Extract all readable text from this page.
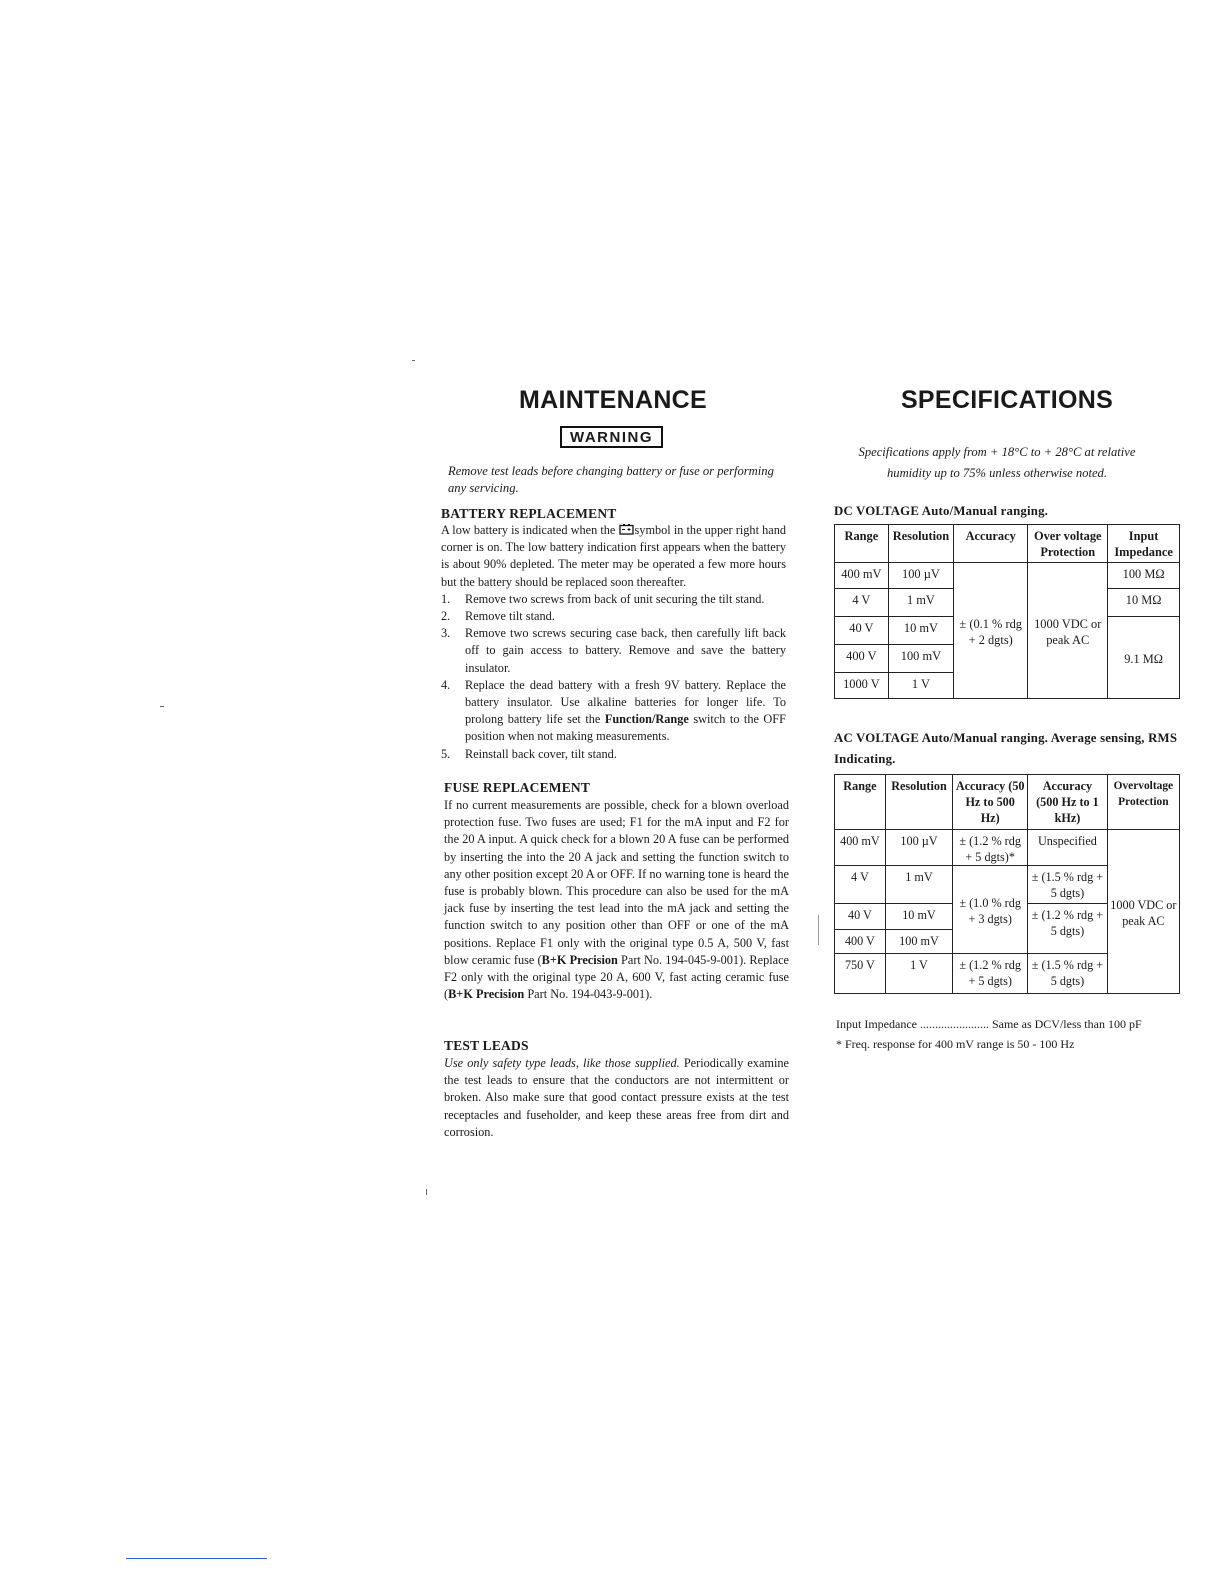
MAINTENANCE
WARNING
Remove test leads before changing battery or fuse or performing any servicing.
BATTERY REPLACEMENT

A low battery is indicated when the symbol in the upper right hand corner is on. The low battery indication first appears when the battery is about 90% depleted. The meter may be operated a few more hours but the battery should be replaced soon thereafter.

1. Remove two screws from back of unit securing the tilt stand.
2. Remove tilt stand.
3. Remove two screws securing case back, then carefully lift back off to gain access to battery. Remove and save the battery insulator.
4. Replace the dead battery with a fresh 9V battery. Replace the battery insulator. Use alkaline batteries for longer life. To prolong battery life set the Function/Range switch to the OFF position when not making measurements.
5. Reinstall back cover, tilt stand.
FUSE REPLACEMENT

If no current measurements are possible, check for a blown overload protection fuse. Two fuses are used; F1 for the mA input and F2 for the 20 A input. A quick check for a blown 20 A fuse can be performed by inserting the into the 20 A jack and setting the function switch to any other position except 20 A or OFF. If no warning tone is heard the fuse is probably blown. This procedure can also be used for the mA jack fuse by inserting the test lead into the mA jack and setting the function switch to any position other than OFF or one of the mA positions. Replace F1 only with the original type 0.5 A, 500 V, fast blow ceramic fuse (B+K Precision Part No. 194-045-9-001). Replace F2 only with the original type 20 A, 600 V, fast acting ceramic fuse (B+K Precision Part No. 194-043-9-001).

TEST LEADS

Use only safety type leads, like those supplied. Periodically examine the test leads to ensure that the conductors are not intermittent or broken. Also make sure that good contact pressure exists at the test receptacles and fuseholder, and keep these areas free from dirt and corrosion.

SPECIFICATIONS
Specifications apply from + 18°C to + 28°C at relative humidity up to 75% unless otherwise noted.
DC VOLTAGE Auto/Manual ranging.
Range	Resolution	Accuracy	Over voltage Protection	Input Impedance
400 mV	100 µV	± (0.1 % rdg + 2 dgts)	1000 VDC or peak AC	100 MΩ
4 V	1 mV			10 MΩ
40 V	10 mV			9.1 MΩ
400 V	100 mV			
1000 V	1 V			
AC VOLTAGE Auto/Manual ranging. Average sensing, RMS Indicating.
Range	Resolution	Accuracy (50 Hz to 500 Hz)	Accuracy (500 Hz to 1 kHz)	Overvoltage Protection
400 mV	100 µV	± (1.2 % rdg + 5 dgts)*	Unspecified	1000 VDC or peak AC
4 V	1 mV	± (1.0 % rdg + 3 dgts)	± (1.5 % rdg + 5 dgts)	
40 V	10 mV		± (1.2 % rdg + 5 dgts)	
400 V	100 mV			
750 V	1 V	± (1.2 % rdg + 5 dgts)	± (1.5 % rdg + 5 dgts)	
Input Impedance ....................... Same as DCV/less than 100 pF
* Freq. response for 400 mV range is 50 - 100 Hz
